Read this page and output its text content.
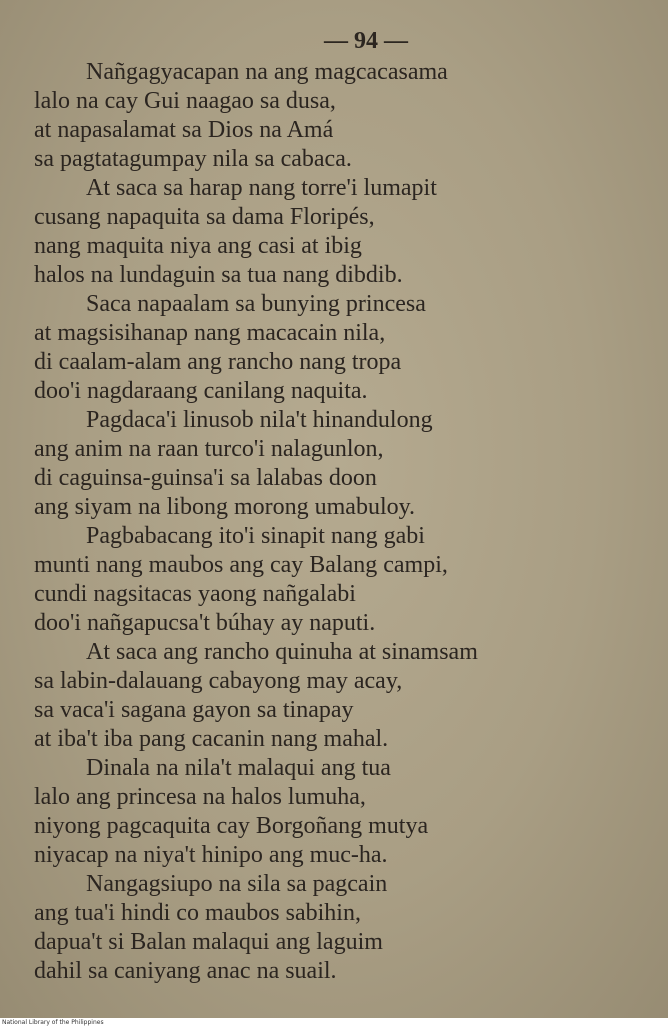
— 94 —
Nañgagyacapan na ang magcacasama
lalo na cay Gui naagao sa dusa,
at napasalamat sa Dios na Amá
sa pagtatagumpay nila sa cabaca.
At saca sa harap nang torre'i lumapit
cusang napaquita sa dama Floripés,
nang maquita niya ang casi at ibig
halos na lundaguin sa tua nang dibdib.
Saca napaalam sa bunying princesa
at magsisihanap nang macacain nila,
di caalam-alam ang rancho nang tropa
doo'i nagdaraang canilang naquita.
Pagdaca'i linusob nila't hinandulong
ang anim na raan turco'i nalagunlon,
di caguinsa-guinsa'i sa lalabas doon
ang siyam na libong morong umabuloy.
Pagbabacang ito'i sinapit nang gabi
munti nang maubos ang cay Balang campi,
cundi nagsitacas yaong nañgalabi
doo'i nañgapucsa't búhay ay naputi.
At saca ang rancho quinuha at sinamsam
sa labin-dalauang cabayong may acay,
sa vaca'i sagana gayon sa tinapay
at iba't iba pang cacanin nang mahal.
Dinala na nila't malaqui ang tua
lalo ang princesa na halos lumuha,
niyong pagcaquita cay Borgoñang mutya
niyacap na niya't hinipo ang muc-ha.
Nangagsiupo na sila sa pagcain
ang tua'i hindi co maubos sabihin,
dapua't si Balan malaqui ang laguim
dahil sa caniyang anac na suail.
National Library of the Philippines
